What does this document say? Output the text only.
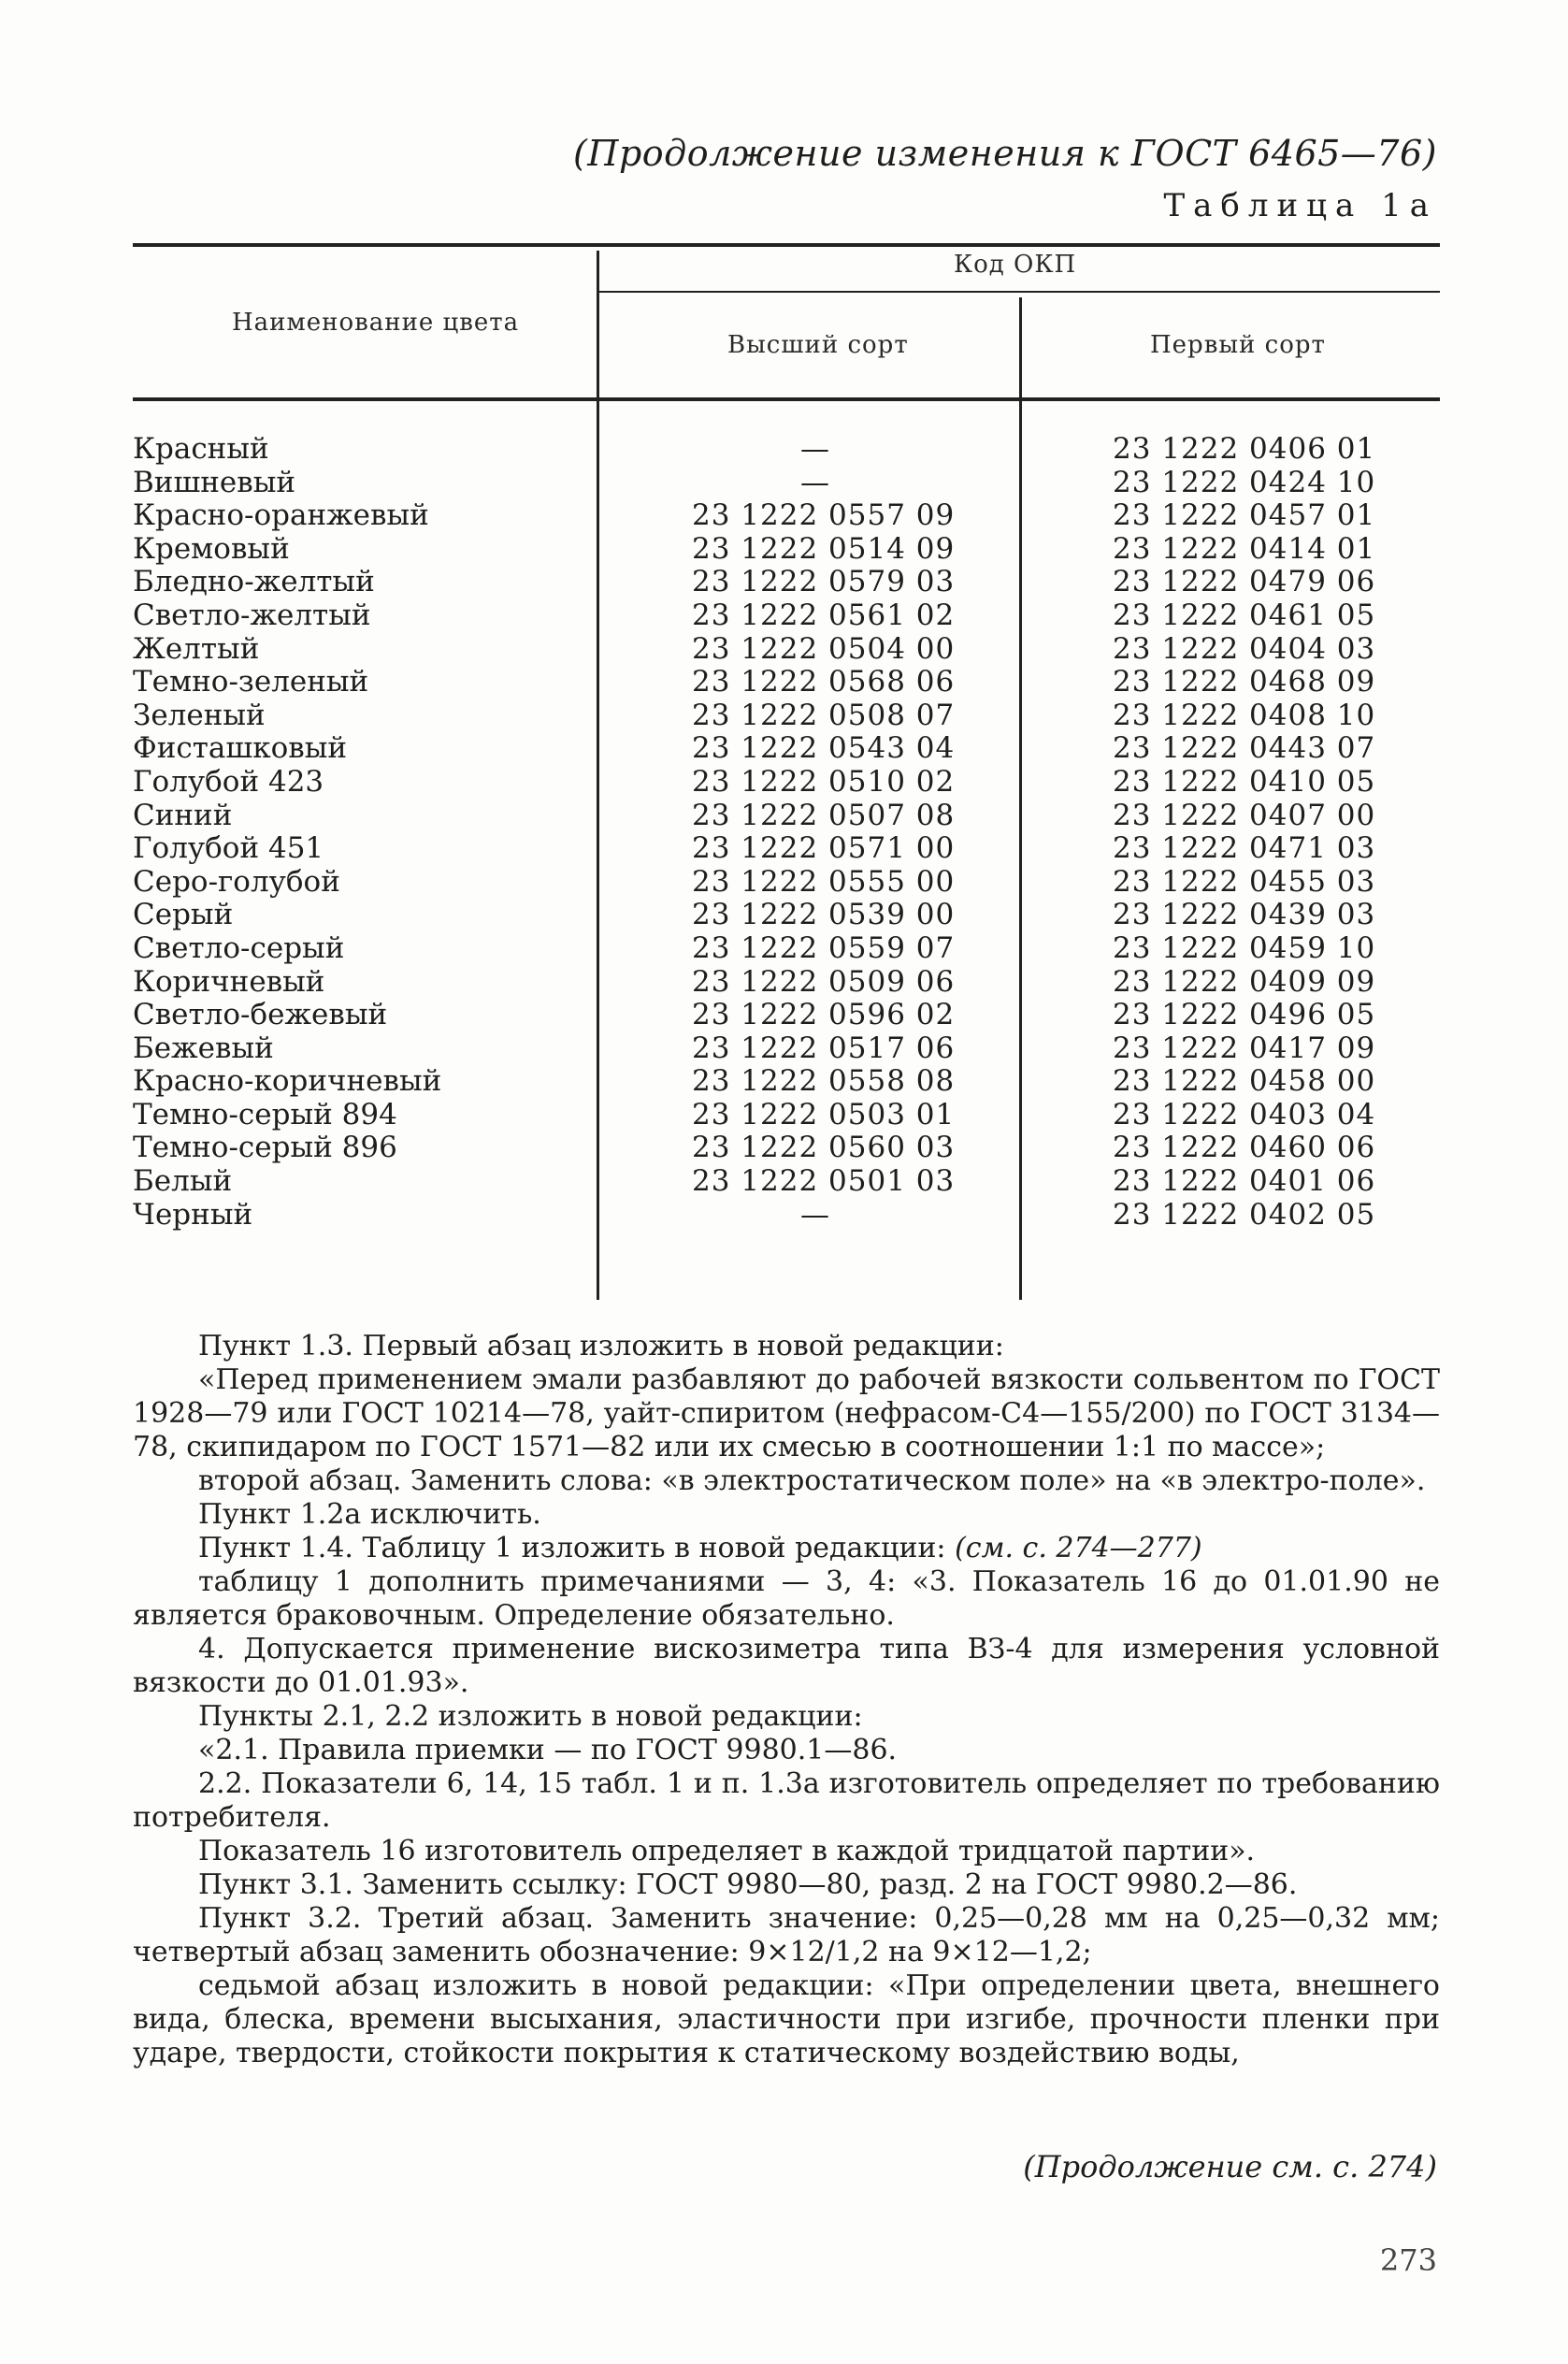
(Продолжение изменения к ГОСТ 6465—76)
Таблица 1а
Наименование цвета
Код ОКП
Высший сорт	Первый сорт
Красный	—	23 1222 0406 01
Вишневый	—	23 1222 0424 10
Красно-оранжевый	23 1222 0557 09	23 1222 0457 01
Кремовый	23 1222 0514 09	23 1222 0414 01
Бледно-желтый	23 1222 0579 03	23 1222 0479 06
Светло-желтый	23 1222 0561 02	23 1222 0461 05
Желтый	23 1222 0504 00	23 1222 0404 03
Темно-зеленый	23 1222 0568 06	23 1222 0468 09
Зеленый	23 1222 0508 07	23 1222 0408 10
Фисташковый	23 1222 0543 04	23 1222 0443 07
Голубой 423	23 1222 0510 02	23 1222 0410 05
Синий	23 1222 0507 08	23 1222 0407 00
Голубой 451	23 1222 0571 00	23 1222 0471 03
Серо-голубой	23 1222 0555 00	23 1222 0455 03
Серый	23 1222 0539 00	23 1222 0439 03
Светло-серый	23 1222 0559 07	23 1222 0459 10
Коричневый	23 1222 0509 06	23 1222 0409 09
Светло-бежевый	23 1222 0596 02	23 1222 0496 05
Бежевый	23 1222 0517 06	23 1222 0417 09
Красно-коричневый	23 1222 0558 08	23 1222 0458 00
Темно-серый 894	23 1222 0503 01	23 1222 0403 04
Темно-серый 896	23 1222 0560 03	23 1222 0460 06
Белый	23 1222 0501 03	23 1222 0401 06
Черный	—	23 1222 0402 05

Пункт 1.3. Первый абзац изложить в новой редакции:

«Перед применением эмали разбавляют до рабочей вязкости сольвентом по ГОСТ 1928—79 или ГОСТ 10214—78, уайт-спиритом (нефрасом-С4—155/200) по ГОСТ 3134—78, скипидаром по ГОСТ 1571—82 или их смесью в соотношении 1:1 по массе»;

второй абзац. Заменить слова: «в электростатическом поле» на «в электро-поле».

Пункт 1.2а исключить.

Пункт 1.4. Таблицу 1 изложить в новой редакции: (см. с. 274—277)

таблицу 1 дополнить примечаниями — 3, 4: «3. Показатель 16 до 01.01.90 не является браковочным. Определение обязательно.

4. Допускается применение вискозиметра типа ВЗ-4 для измерения условной вязкости до 01.01.93».

Пункты 2.1, 2.2 изложить в новой редакции:

«2.1. Правила приемки — по ГОСТ 9980.1—86.

2.2. Показатели 6, 14, 15 табл. 1 и п. 1.3а изготовитель определяет по требованию потребителя.

Показатель 16 изготовитель определяет в каждой тридцатой партии».

Пункт 3.1. Заменить ссылку: ГОСТ 9980—80, разд. 2 на ГОСТ 9980.2—86.

Пункт 3.2. Третий абзац. Заменить значение: 0,25—0,28 мм на 0,25—0,32 мм; четвертый абзац заменить обозначение: 9×12/1,2 на 9×12—1,2;

седьмой абзац изложить в новой редакции: «При определении цвета, внешнего вида, блеска, времени высыхания, эластичности при изгибе, прочности пленки при ударе, твердости, стойкости покрытия к статическому воздействию воды,

(Продолжение см. с. 274)
273
